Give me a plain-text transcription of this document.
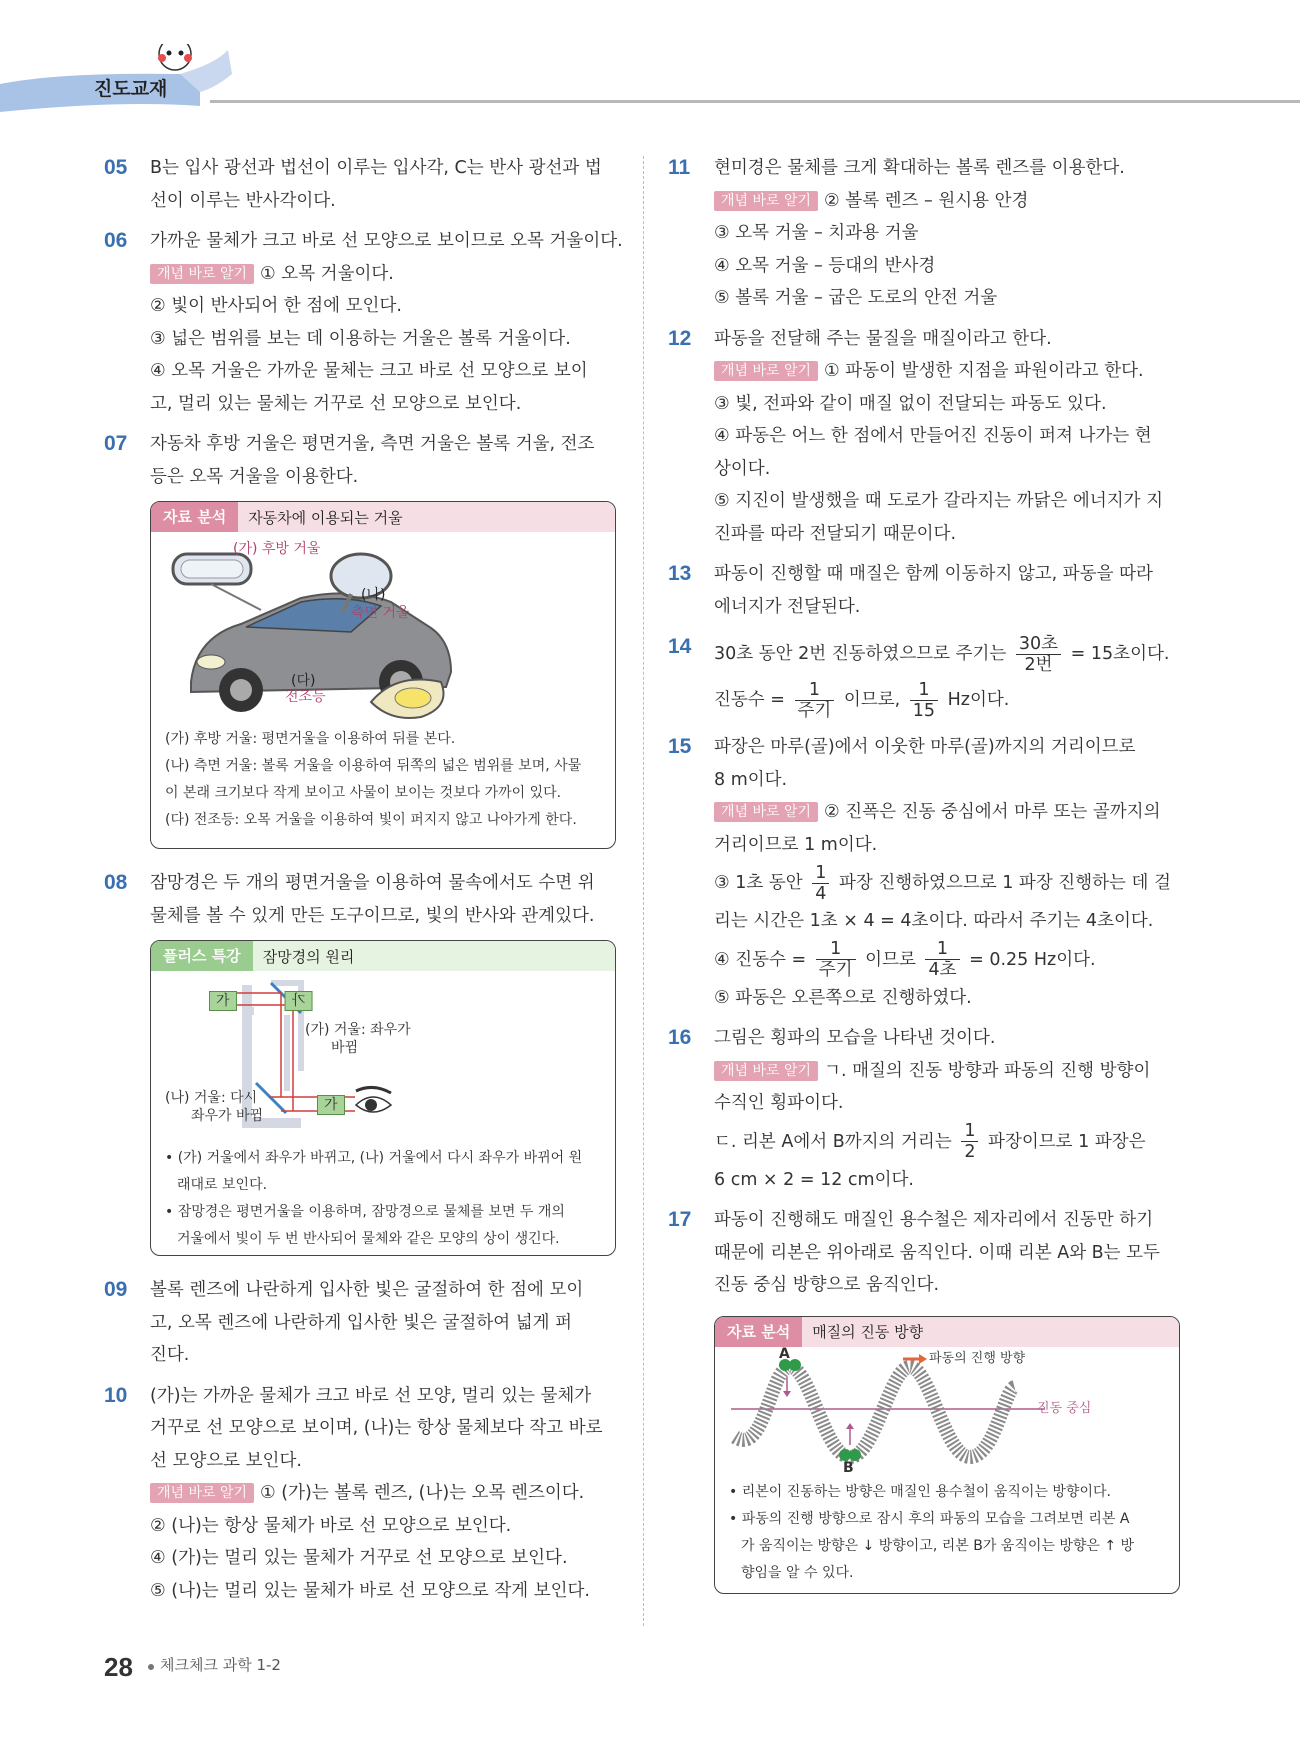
진도교재
05 B는 입사 광선과 법선이 이루는 입사각, C는 반사 광선과 법
선이 이루는 반사각이다.
06 가까운 물체가 크고 바로 선 모양으로 보이므로 오목 거울이다.
개념 바로 알기 ① 오목 거울이다.
② 빛이 반사되어 한 점에 모인다.
③ 넓은 범위를 보는 데 이용하는 거울은 볼록 거울이다.
④ 오목 거울은 가까운 물체는 크고 바로 선 모양으로 보이
고, 멀리 있는 물체는 거꾸로 선 모양으로 보인다.
07 자동차 후방 거울은 평면거울, 측면 거울은 볼록 거울, 전조
등은 오목 거울을 이용한다.
자료 분석	자동차에 이용되는 거울
(가) 후방 거울
(나)
측면 거울
(다)
전조등
(가) 후방 거울: 평면거울을 이용하여 뒤를 본다.
(나) 측면 거울: 볼록 거울을 이용하여 뒤쪽의 넓은 범위를 보며, 사물
이 본래 크기보다 작게 보이고 사물이 보이는 것보다 가까이 있다.
(다) 전조등: 오목 거울을 이용하여 빛이 퍼지지 않고 나아가게 한다.
08 잠망경은 두 개의 평면거울을 이용하여 물속에서도 수면 위
물체를 볼 수 있게 만든 도구이므로, 빛의 반사와 관계있다.
플러스 특강	잠망경의 원리
가	가
(가) 거울: 좌우가
바뀜
(나) 거울: 다시
좌우가 바뀜
가
• (가) 거울에서 좌우가 바뀌고, (나) 거울에서 다시 좌우가 바뀌어 원
래대로 보인다.
• 잠망경은 평면거울을 이용하며, 잠망경으로 물체를 보면 두 개의
거울에서 빛이 두 번 반사되어 물체와 같은 모양의 상이 생긴다.
09 볼록 렌즈에 나란하게 입사한 빛은 굴절하여 한 점에 모이
고, 오목 렌즈에 나란하게 입사한 빛은 굴절하여 넓게 퍼
진다.
10 (가)는 가까운 물체가 크고 바로 선 모양, 멀리 있는 물체가
거꾸로 선 모양으로 보이며, (나)는 항상 물체보다 작고 바로
선 모양으로 보인다.
개념 바로 알기 ① (가)는 볼록 렌즈, (나)는 오목 렌즈이다.
② (나)는 항상 물체가 바로 선 모양으로 보인다.
④ (가)는 멀리 있는 물체가 거꾸로 선 모양으로 보인다.
⑤ (나)는 멀리 있는 물체가 바로 선 모양으로 작게 보인다.
11 현미경은 물체를 크게 확대하는 볼록 렌즈를 이용한다.
개념 바로 알기 ② 볼록 렌즈 – 원시용 안경
③ 오목 거울 – 치과용 거울
④ 오목 거울 – 등대의 반사경
⑤ 볼록 거울 – 굽은 도로의 안전 거울
12 파동을 전달해 주는 물질을 매질이라고 한다.
개념 바로 알기 ① 파동이 발생한 지점을 파원이라고 한다.
③ 빛, 전파와 같이 매질 없이 전달되는 파동도 있다.
④ 파동은 어느 한 점에서 만들어진 진동이 퍼져 나가는 현
상이다.
⑤ 지진이 발생했을 때 도로가 갈라지는 까닭은 에너지가 지
진파를 따라 전달되기 때문이다.
13 파동이 진행할 때 매질은 함께 이동하지 않고, 파동을 따라
에너지가 전달된다.
14 30초 동안 2번 진동하였으므로 주기는 $\frac{\text{30초}}{\text{2번}} = 15$초이다.
진동수 = $\frac{1}{\text{주기}}$ 이므로, $\frac{1}{15}$ Hz이다.
15 파장은 마루(골)에서 이웃한 마루(골)까지의 거리이므로
8 m이다.
개념 바로 알기 ② 진폭은 진동 중심에서 마루 또는 골까지의
거리이므로 1 m이다.
③ 1초 동안 $\frac{1}{4}$ 파장 진행하였으므로 1 파장 진행하는 데 걸
리는 시간은 1초 × 4 = 4초이다. 따라서 주기는 4초이다.
④ 진동수 = $\frac{1}{\text{주기}}$ 이므로 $\frac{1}{\text{4초}} = 0.25$ Hz이다.
⑤ 파동은 오른쪽으로 진행하였다.
16 그림은 횡파의 모습을 나타낸 것이다.
개념 바로 알기 ㄱ. 매질의 진동 방향과 파동의 진행 방향이
수직인 횡파이다.
ㄷ. 리본 A에서 B까지의 거리는 $\frac{1}{2}$ 파장이므로 1 파장은
6 cm × 2 = 12 cm이다.
17 파동이 진행해도 매질인 용수철은 제자리에서 진동만 하기
때문에 리본은 위아래로 움직인다. 이때 리본 A와 B는 모두
진동 중심 방향으로 움직인다.
자료 분석	매질의 진동 방향
A
B
파동의 진행 방향
진동 중심
• 리본이 진동하는 방향은 매질인 용수철이 움직이는 방향이다.
• 파동의 진행 방향으로 잠시 후의 파동의 모습을 그려보면 리본 A
가 움직이는 방향은 ↓ 방향이고, 리본 B가 움직이는 방향은 ↑ 방
향임을 알 수 있다.
28 체크체크 과학 1-2
